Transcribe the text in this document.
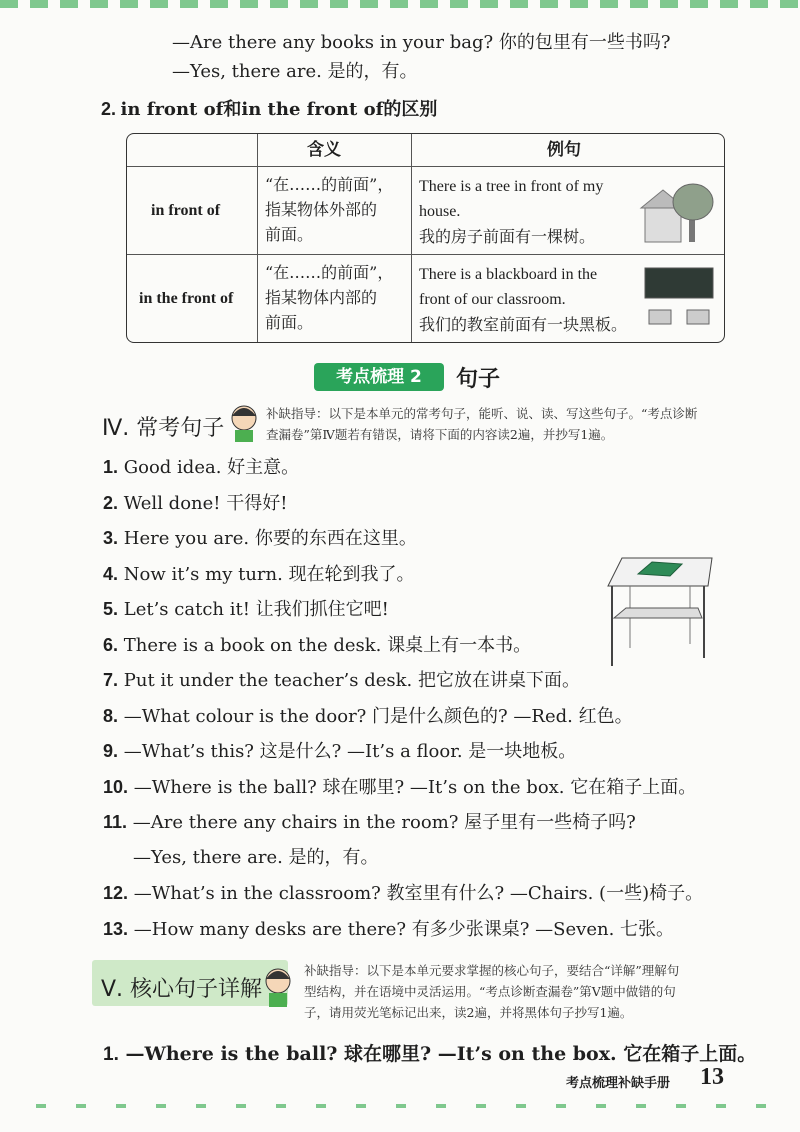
—Are there any books in your bag? 你的包里有一些书吗?
—Yes, there are. 是的，有。
2. in front of和in the front of的区别
含义	例句
in front of
“在……的前面”，
指某物体外部的
前面。
There is a tree in front of my
house.
我的房子前面有一棵树。
in the front of
“在……的前面”，
指某物体内部的
前面。
There is a blackboard in the
front of our classroom.
我们的教室前面有一块黑板。
考点梳理 2	句子
Ⅳ. 常考句子
补缺指导：以下是本单元的常考句子，能听、说、读、写这些句子。“考点诊断
查漏卷”第Ⅳ题若有错误，请将下面的内容读2遍，并抄写1遍。
1. Good idea. 好主意。
2. Well done! 干得好!
3. Here you are. 你要的东西在这里。
4. Now it’s my turn. 现在轮到我了。
5. Let’s catch it! 让我们抓住它吧!
6. There is a book on the desk. 课桌上有一本书。
7. Put it under the teacher’s desk. 把它放在讲桌下面。
8. —What colour is the door? 门是什么颜色的? —Red. 红色。
9. —What’s this? 这是什么? —It’s a floor. 是一块地板。
10. —Where is the ball? 球在哪里? —It’s on the box. 它在箱子上面。
11. —Are there any chairs in the room? 屋子里有一些椅子吗?
—Yes, there are. 是的，有。
12. —What’s in the classroom? 教室里有什么? —Chairs. (一些)椅子。
13. —How many desks are there? 有多少张课桌? —Seven. 七张。
Ⅴ. 核心句子详解
补缺指导：以下是本单元要求掌握的核心句子，要结合“详解”理解句
型结构，并在语境中灵活运用。“考点诊断查漏卷”第Ⅴ题中做错的句
子，请用荧光笔标记出来，读2遍，并将黑体句子抄写1遍。
1. —Where is the ball? 球在哪里? —It’s on the box. 它在箱子上面。
考点梳理补缺手册 13
